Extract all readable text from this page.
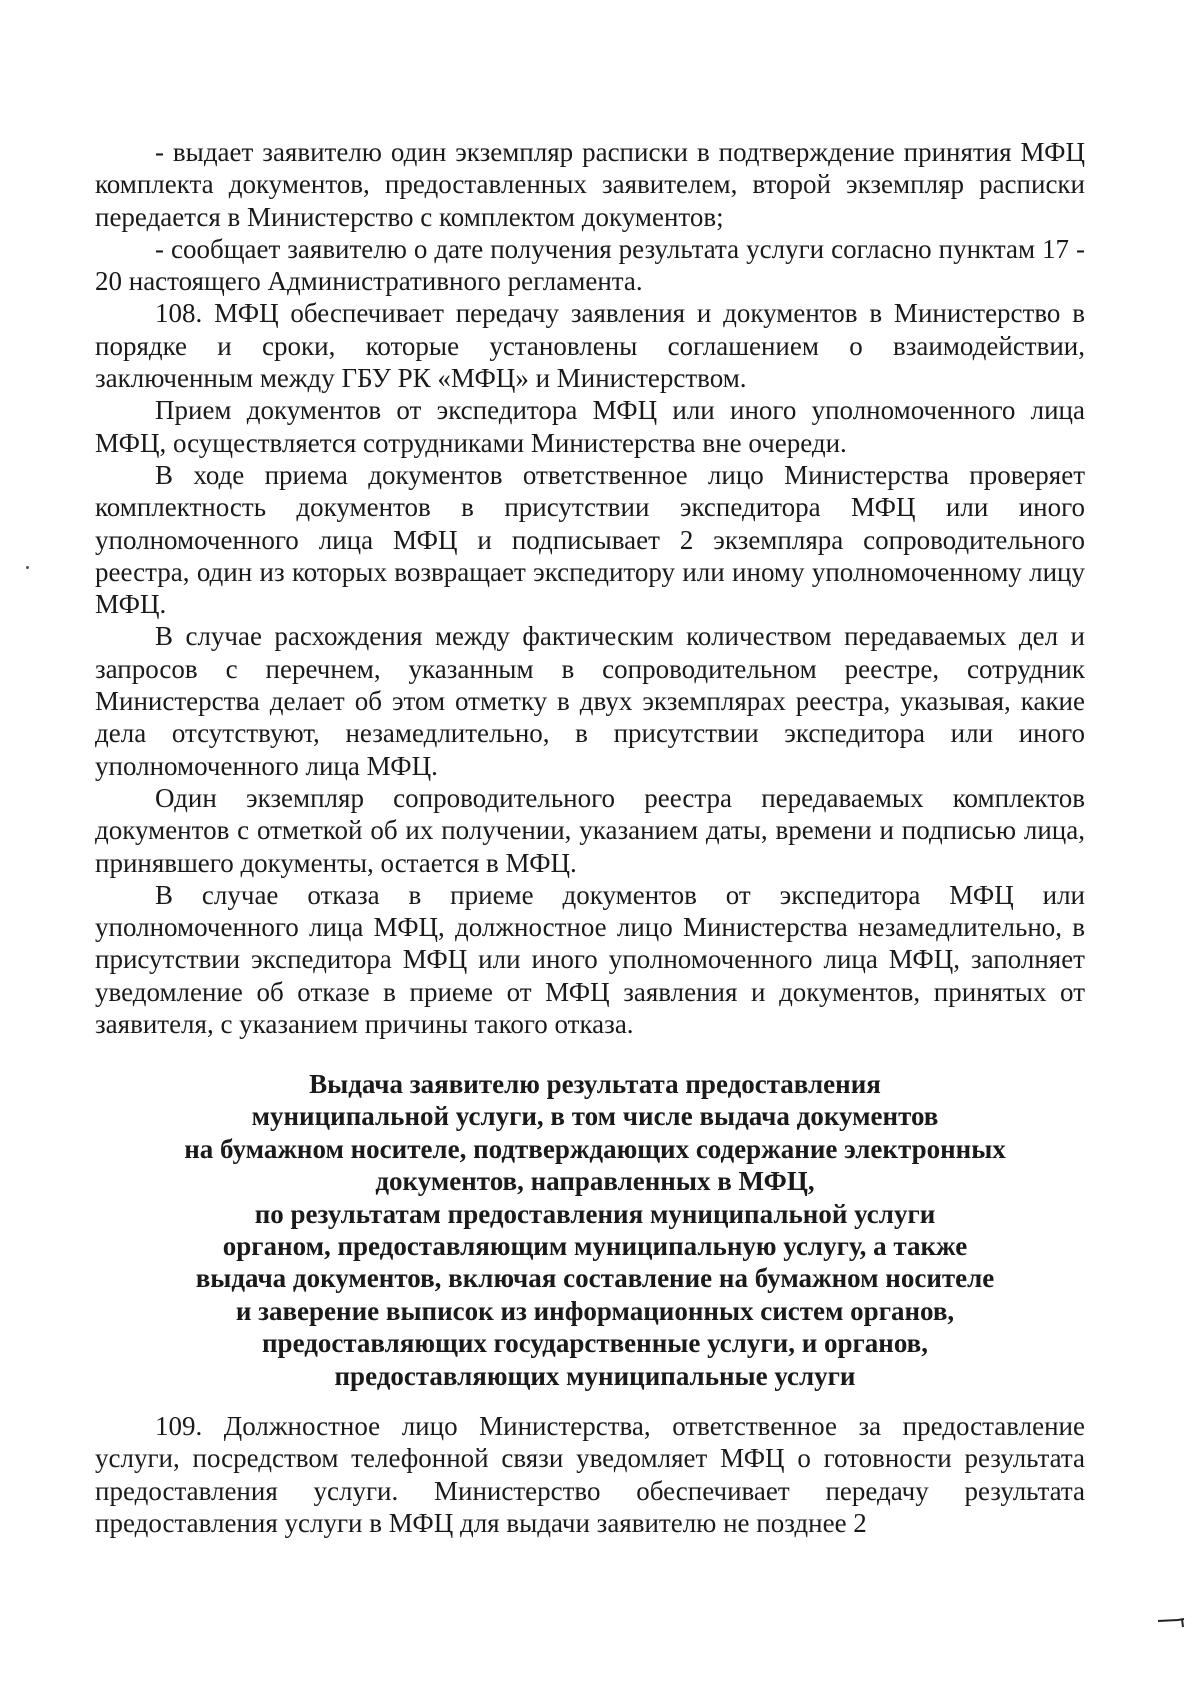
- выдает заявителю один экземпляр расписки в подтверждение принятия МФЦ комплекта документов, предоставленных заявителем, второй экземпляр расписки передается в Министерство с комплектом документов;

- сообщает заявителю о дате получения результата услуги согласно пунктам 17 - 20 настоящего Административного регламента.

108. МФЦ обеспечивает передачу заявления и документов в Министерство в порядке и сроки, которые установлены соглашением о взаимодействии, заключенным между ГБУ РК «МФЦ» и Министерством.

Прием документов от экспедитора МФЦ или иного уполномоченного лица МФЦ, осуществляется сотрудниками Министерства вне очереди.

В ходе приема документов ответственное лицо Министерства проверяет комплектность документов в присутствии экспедитора МФЦ или иного уполномоченного лица МФЦ и подписывает 2 экземпляра сопроводительного реестра, один из которых возвращает экспедитору или иному уполномоченному лицу МФЦ.

В случае расхождения между фактическим количеством передаваемых дел и запросов с перечнем, указанным в сопроводительном реестре, сотрудник Министерства делает об этом отметку в двух экземплярах реестра, указывая, какие дела отсутствуют, незамедлительно, в присутствии экспедитора или иного уполномоченного лица МФЦ.

Один экземпляр сопроводительного реестра передаваемых комплектов документов с отметкой об их получении, указанием даты, времени и подписью лица, принявшего документы, остается в МФЦ.

В случае отказа в приеме документов от экспедитора МФЦ или уполномоченного лица МФЦ, должностное лицо Министерства незамедлительно, в присутствии экспедитора МФЦ или иного уполномоченного лица МФЦ, заполняет уведомление об отказе в приеме от МФЦ заявления и документов, принятых от заявителя, с указанием причины такого отказа.

Выдача заявителю результата предоставления
муниципальной услуги, в том числе выдача документов
на бумажном носителе, подтверждающих содержание электронных
документов, направленных в МФЦ,
по результатам предоставления муниципальной услуги
органом, предоставляющим муниципальную услугу, а также
выдача документов, включая составление на бумажном носителе
и заверение выписок из информационных систем органов,
предоставляющих государственные услуги, и органов,
предоставляющих муниципальные услуги

109. Должностное лицо Министерства, ответственное за предоставление услуги, посредством телефонной связи уведомляет МФЦ о готовности результата предоставления услуги. Министерство обеспечивает передачу результата предоставления услуги в МФЦ для выдачи заявителю не позднее 2
